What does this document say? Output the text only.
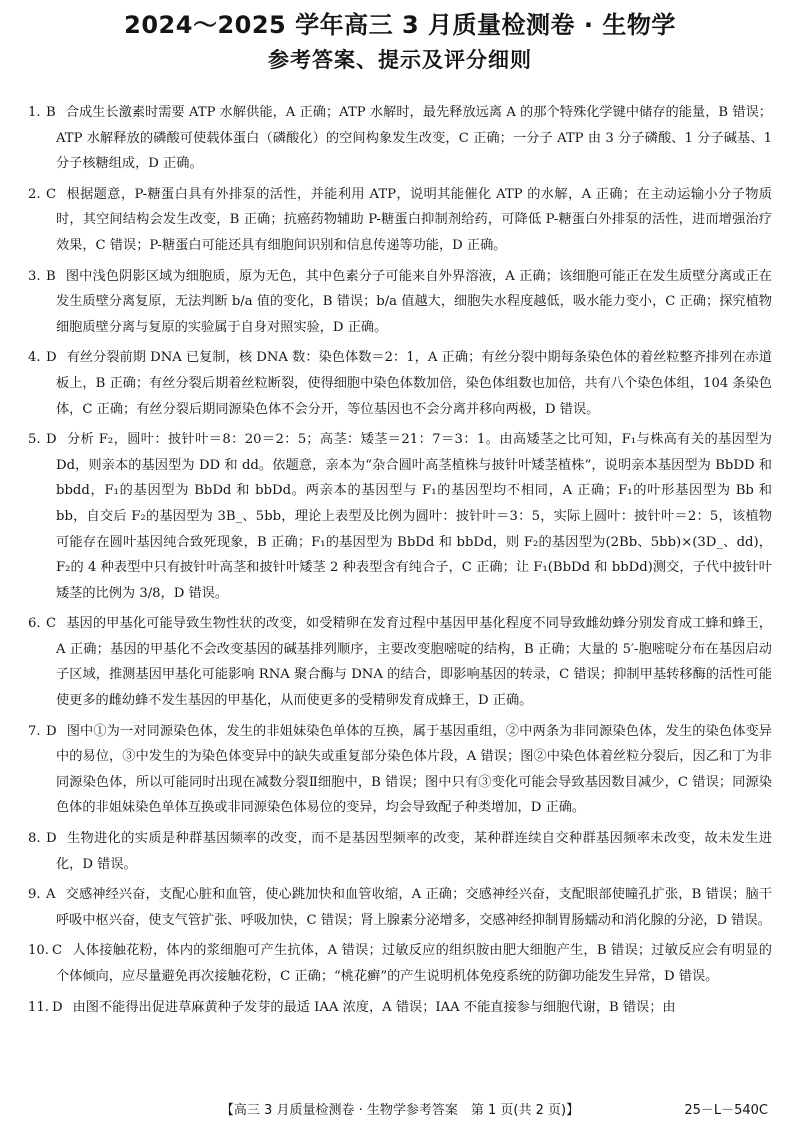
2024～2025 学年高三 3 月质量检测卷 · 生物学
参考答案、提示及评分细则

1. B 合成生长激素时需要 ATP 水解供能，A 正确；ATP 水解时，最先释放远离 A 的那个特殊化学键中储存的能量，B 错误；ATP 水解释放的磷酸可使载体蛋白（磷酸化）的空间构象发生改变，C 正确；一分子 ATP 由 3 分子磷酸、1 分子碱基、1 分子核糖组成，D 正确。

2. C 根据题意，P-糖蛋白具有外排泵的活性，并能利用 ATP，说明其能催化 ATP 的水解，A 正确；在主动运输小分子物质时，其空间结构会发生改变，B 正确；抗癌药物辅助 P-糖蛋白抑制剂给药，可降低 P-糖蛋白外排泵的活性，进而增强治疗效果，C 错误；P-糖蛋白可能还具有细胞间识别和信息传递等功能，D 正确。

3. B 图中浅色阴影区域为细胞质，原为无色，其中色素分子可能来自外界溶液，A 正确；该细胞可能正在发生质壁分离或正在发生质壁分离复原，无法判断 b/a 值的变化，B 错误；b/a 值越大，细胞失水程度越低，吸水能力变小，C 正确；探究植物细胞质壁分离与复原的实验属于自身对照实验，D 正确。

4. D 有丝分裂前期 DNA 已复制，核 DNA 数：染色体数＝2：1，A 正确；有丝分裂中期每条染色体的着丝粒整齐排列在赤道板上，B 正确；有丝分裂后期着丝粒断裂，使得细胞中染色体数加倍，染色体组数也加倍，共有八个染色体组，104 条染色体，C 正确；有丝分裂后期同源染色体不会分开，等位基因也不会分离并移向两极，D 错误。

5. D 分析 F₂，圆叶：披针叶＝8：20＝2：5；高茎：矮茎＝21：7＝3：1。由高矮茎之比可知，F₁与株高有关的基因型为 Dd，则亲本的基因型为 DD 和 dd。依题意，亲本为“杂合圆叶高茎植株与披针叶矮茎植株”，说明亲本基因型为 BbDD 和 bbdd，F₁的基因型为 BbDd 和 bbDd。两亲本的基因型与 F₁的基因型均不相同，A 正确；F₁的叶形基因型为 Bb 和 bb，自交后 F₂的基因型为 3B_、5bb，理论上表型及比例为圆叶：披针叶＝3：5，实际上圆叶：披针叶＝2：5，该植物可能存在圆叶基因纯合致死现象，B 正确；F₁的基因型为 BbDd 和 bbDd，则 F₂的基因型为(2Bb、5bb)×(3D_、dd)，F₂的 4 种表型中只有披针叶高茎和披针叶矮茎 2 种表型含有纯合子，C 正确；让 F₁(BbDd 和 bbDd)测交，子代中披针叶矮茎的比例为 3/8，D 错误。

6. C 基因的甲基化可能导致生物性状的改变，如受精卵在发育过程中基因甲基化程度不同导致雌幼蜂分别发育成工蜂和蜂王，A 正确；基因的甲基化不会改变基因的碱基排列顺序，主要改变胞嘧啶的结构，B 正确；大量的 5′-胞嘧啶分布在基因启动子区域，推测基因甲基化可能影响 RNA 聚合酶与 DNA 的结合，即影响基因的转录，C 错误；抑制甲基转移酶的活性可能使更多的雌幼蜂不发生基因的甲基化，从而使更多的受精卵发育成蜂王，D 正确。

7. D 图中①为一对同源染色体，发生的非姐妹染色单体的互换，属于基因重组，②中两条为非同源染色体，发生的染色体变异中的易位，③中发生的为染色体变异中的缺失或重复部分染色体片段，A 错误；图②中染色体着丝粒分裂后，因乙和丁为非同源染色体，所以可能同时出现在减数分裂Ⅱ细胞中，B 错误；图中只有③变化可能会导致基因数目减少，C 错误；同源染色体的非姐妹染色单体互换或非同源染色体易位的变异，均会导致配子种类增加，D 正确。

8. D 生物进化的实质是种群基因频率的改变，而不是基因型频率的改变，某种群连续自交种群基因频率未改变，故未发生进化，D 错误。

9. A 交感神经兴奋，支配心脏和血管，使心跳加快和血管收缩，A 正确；交感神经兴奋，支配眼部使瞳孔扩张，B 错误；脑干呼吸中枢兴奋，使支气管扩张、呼吸加快，C 错误；肾上腺素分泌增多，交感神经抑制胃肠蠕动和消化腺的分泌，D 错误。

10. C 人体接触花粉，体内的浆细胞可产生抗体，A 错误；过敏反应的组织胺由肥大细胞产生，B 错误；过敏反应会有明显的个体倾向，应尽量避免再次接触花粉，C 正确；“桃花癣”的产生说明机体免疫系统的防御功能发生异常，D 错误。

11. D 由图不能得出促进草麻黄种子发芽的最适 IAA 浓度，A 错误；IAA 不能直接参与细胞代谢，B 错误；由

【高三 3 月质量检测卷 · 生物学参考答案　第 1 页(共 2 页)】	25－L－540C
